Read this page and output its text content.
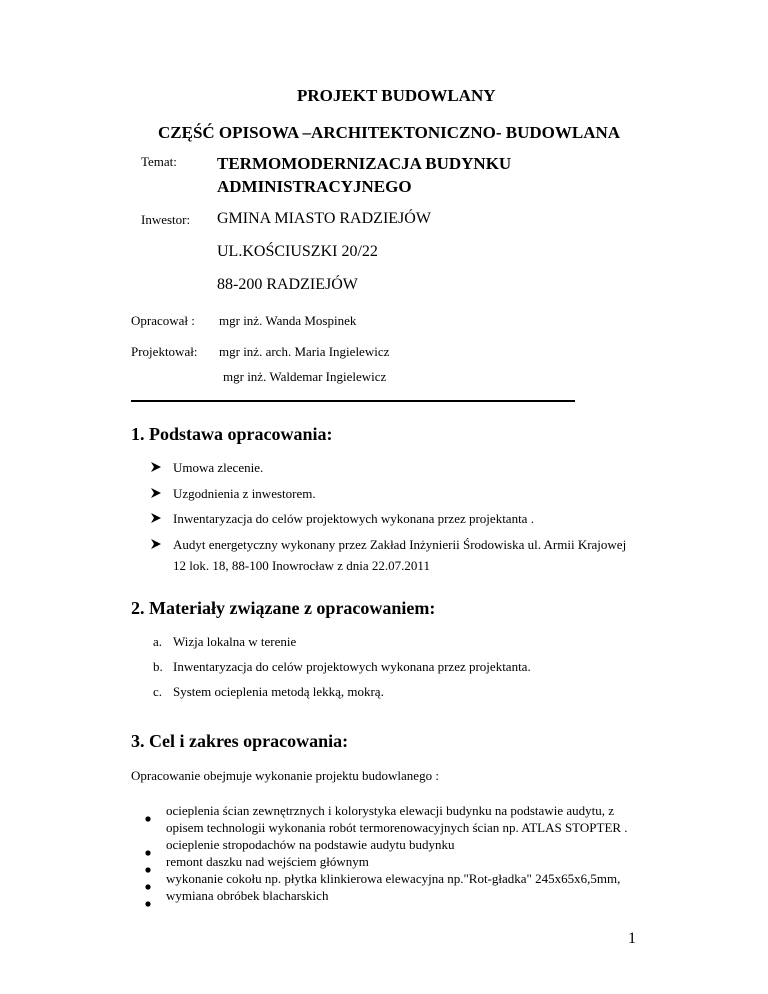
PROJEKT BUDOWLANY
CZĘŚĆ OPISOWA –ARCHITEKTONICZNO- BUDOWLANA
Temat: TERMOMODERNIZACJA BUDYNKU
ADMINISTRACYJNEGO
Inwestor: GMINA MIASTO RADZIEJÓW
UL.KOŚCIUSZKI 20/22
88-200 RADZIEJÓW
Opracował : mgr inż. Wanda Mospinek
Projektował: mgr inż. arch. Maria Ingielewicz
mgr inż. Waldemar Ingielewicz
1. Podstawa opracowania:
Umowa zlecenie.
Uzgodnienia z inwestorem.
Inwentaryzacja do celów projektowych wykonana przez projektanta .
Audyt energetyczny wykonany przez Zakład Inżynierii Środowiska ul. Armii Krajowej
12 lok. 18, 88-100 Inowrocław z dnia 22.07.2011
2. Materiały związane z opracowaniem:
a. Wizja lokalna w terenie
b. Inwentaryzacja do celów projektowych wykonana przez projektanta.
c. System ocieplenia metodą lekką, mokrą.
3. Cel i zakres opracowania:
Opracowanie obejmuje wykonanie projektu budowlanego :
ocieplenia ścian zewnętrznych i kolorystyka elewacji budynku na podstawie audytu, z
opisem technologii wykonania robót termorenowacyjnych ścian np. ATLAS STOPTER .
ocieplenie stropodachów na podstawie audytu budynku
remont daszku nad wejściem głównym
wykonanie cokołu np. płytka klinkierowa elewacyjna np."Rot-gładka" 245x65x6,5mm,
wymiana obróbek blacharskich
1
